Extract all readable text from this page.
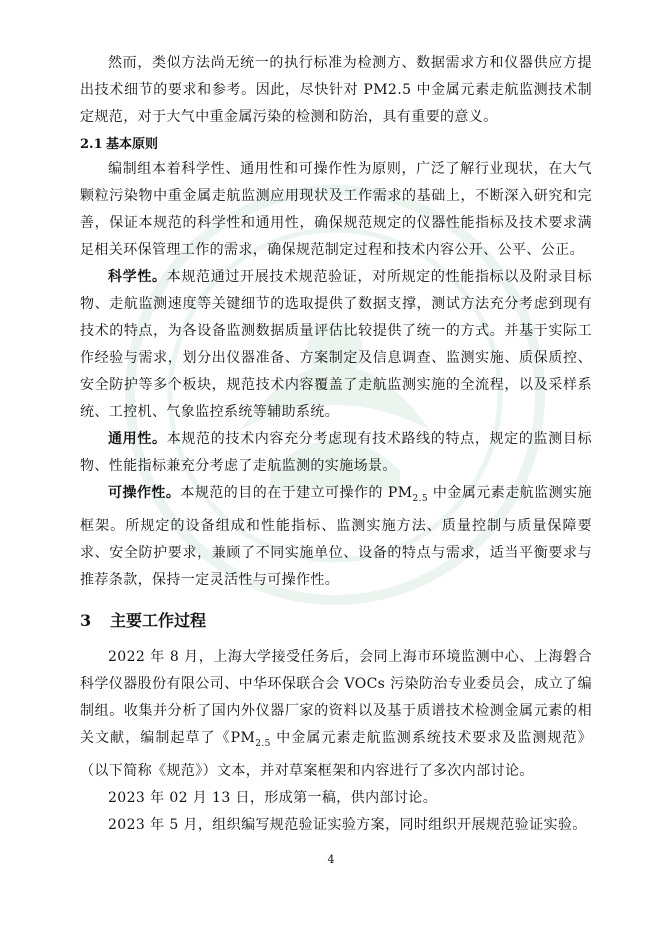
然而，类似方法尚无统一的执行标准为检测方、数据需求方和仪器供应方提出技术细节的要求和参考。因此，尽快针对 PM2.5 中金属元素走航监测技术制定规范，对于大气中重金属污染的检测和防治，具有重要的意义。

2.1 基本原则

编制组本着科学性、通用性和可操作性为原则，广泛了解行业现状，在大气颗粒污染物中重金属走航监测应用现状及工作需求的基础上，不断深入研究和完善，保证本规范的科学性和通用性，确保规范规定的仪器性能指标及技术要求满足相关环保管理工作的需求，确保规范制定过程和技术内容公开、公平、公正。

科学性。本规范通过开展技术规范验证，对所规定的性能指标以及附录目标物、走航监测速度等关键细节的选取提供了数据支撑，测试方法充分考虑到现有技术的特点，为各设备监测数据质量评估比较提供了统一的方式。并基于实际工作经验与需求，划分出仪器准备、方案制定及信息调查、监测实施、质保质控、安全防护等多个板块，规范技术内容覆盖了走航监测实施的全流程，以及采样系统、工控机、气象监控系统等辅助系统。

通用性。本规范的技术内容充分考虑现有技术路线的特点，规定的监测目标物、性能指标兼充分考虑了走航监测的实施场景。

可操作性。本规范的目的在于建立可操作的 $PM_{2.5}$ 中金属元素走航监测实施框架。所规定的设备组成和性能指标、监测实施方法、质量控制与质量保障要求、安全防护要求，兼顾了不同实施单位、设备的特点与需求，适当平衡要求与推荐条款，保持一定灵活性与可操作性。

3 主要工作过程

2022 年 8 月，上海大学接受任务后，会同上海市环境监测中心、上海磐合科学仪器股份有限公司、中华环保联合会 VOCs 污染防治专业委员会，成立了编制组。收集并分析了国内外仪器厂家的资料以及基于质谱技术检测金属元素的相关文献，编制起草了《$PM_{2.5}$ 中金属元素走航监测系统技术要求及监测规范》（以下简称《规范》）文本，并对草案框架和内容进行了多次内部讨论。

2023 年 02 月 13 日，形成第一稿，供内部讨论。

2023 年 5 月，组织编写规范验证实验方案，同时组织开展规范验证实验。

4
